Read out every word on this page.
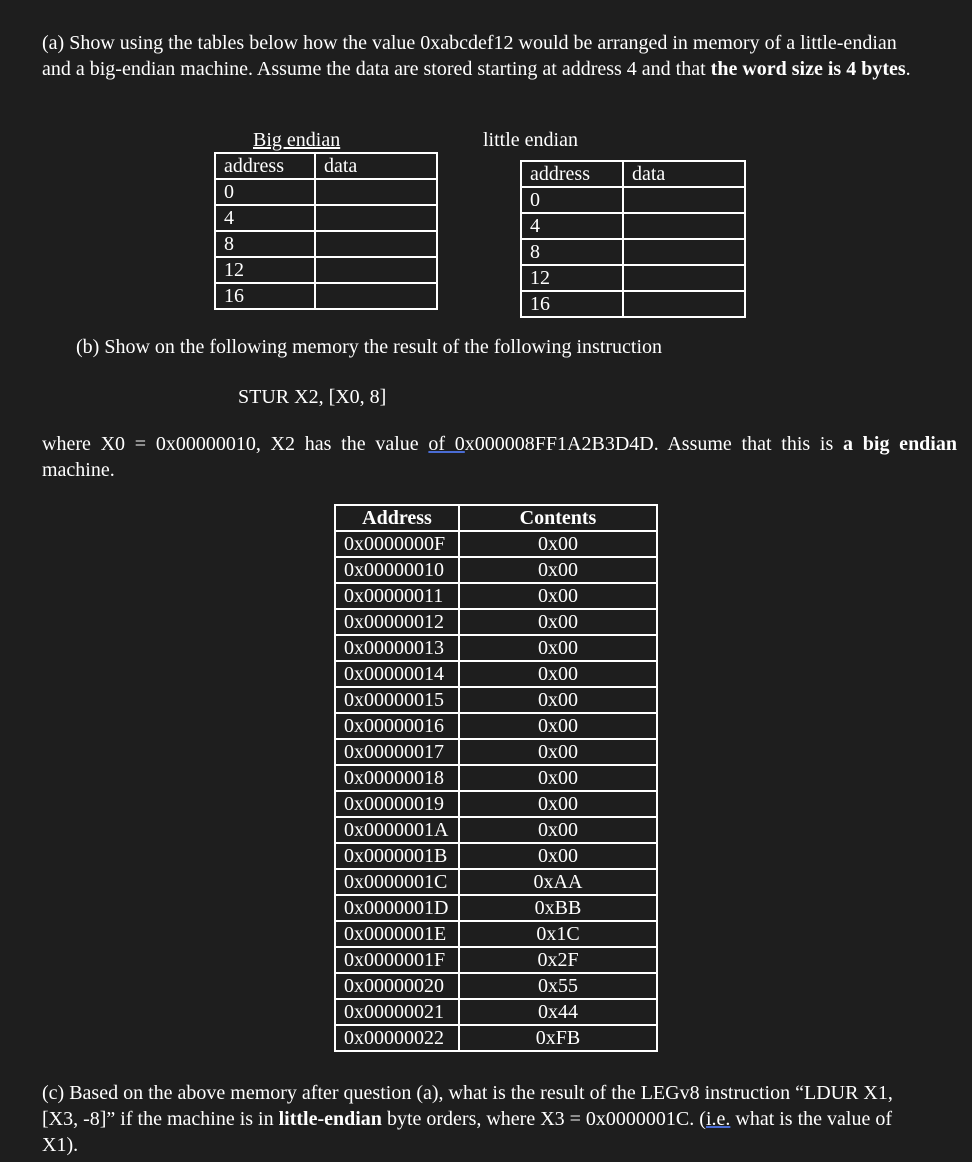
(a) Show using the tables below how the value 0xabcdef12 would be arranged in memory of a little-endian and a big-endian machine. Assume the data are stored starting at address 4 and that the word size is 4 bytes.
Big endian
address	data
0	
4	
8	
12	
16	
little endian
address	data
0	
4	
8	
12	
16	
(b) Show on the following memory the result of the following instruction
STUR X2, [X0, 8]
where X0 = 0x00000010, X2 has the value of 0x000008FF1A2B3D4D. Assume that this is a big endian machine.
Address	Contents
0x0000000F	0x00
0x00000010	0x00
0x00000011	0x00
0x00000012	0x00
0x00000013	0x00
0x00000014	0x00
0x00000015	0x00
0x00000016	0x00
0x00000017	0x00
0x00000018	0x00
0x00000019	0x00
0x0000001A	0x00
0x0000001B	0x00
0x0000001C	0xAA
0x0000001D	0xBB
0x0000001E	0x1C
0x0000001F	0x2F
0x00000020	0x55
0x00000021	0x44
0x00000022	0xFB
(c) Based on the above memory after question (a), what is the result of the LEGv8 instruction “LDUR X1, [X3, -8]” if the machine is in little-endian byte orders, where X3 = 0x0000001C. (i.e. what is the value of X1).
